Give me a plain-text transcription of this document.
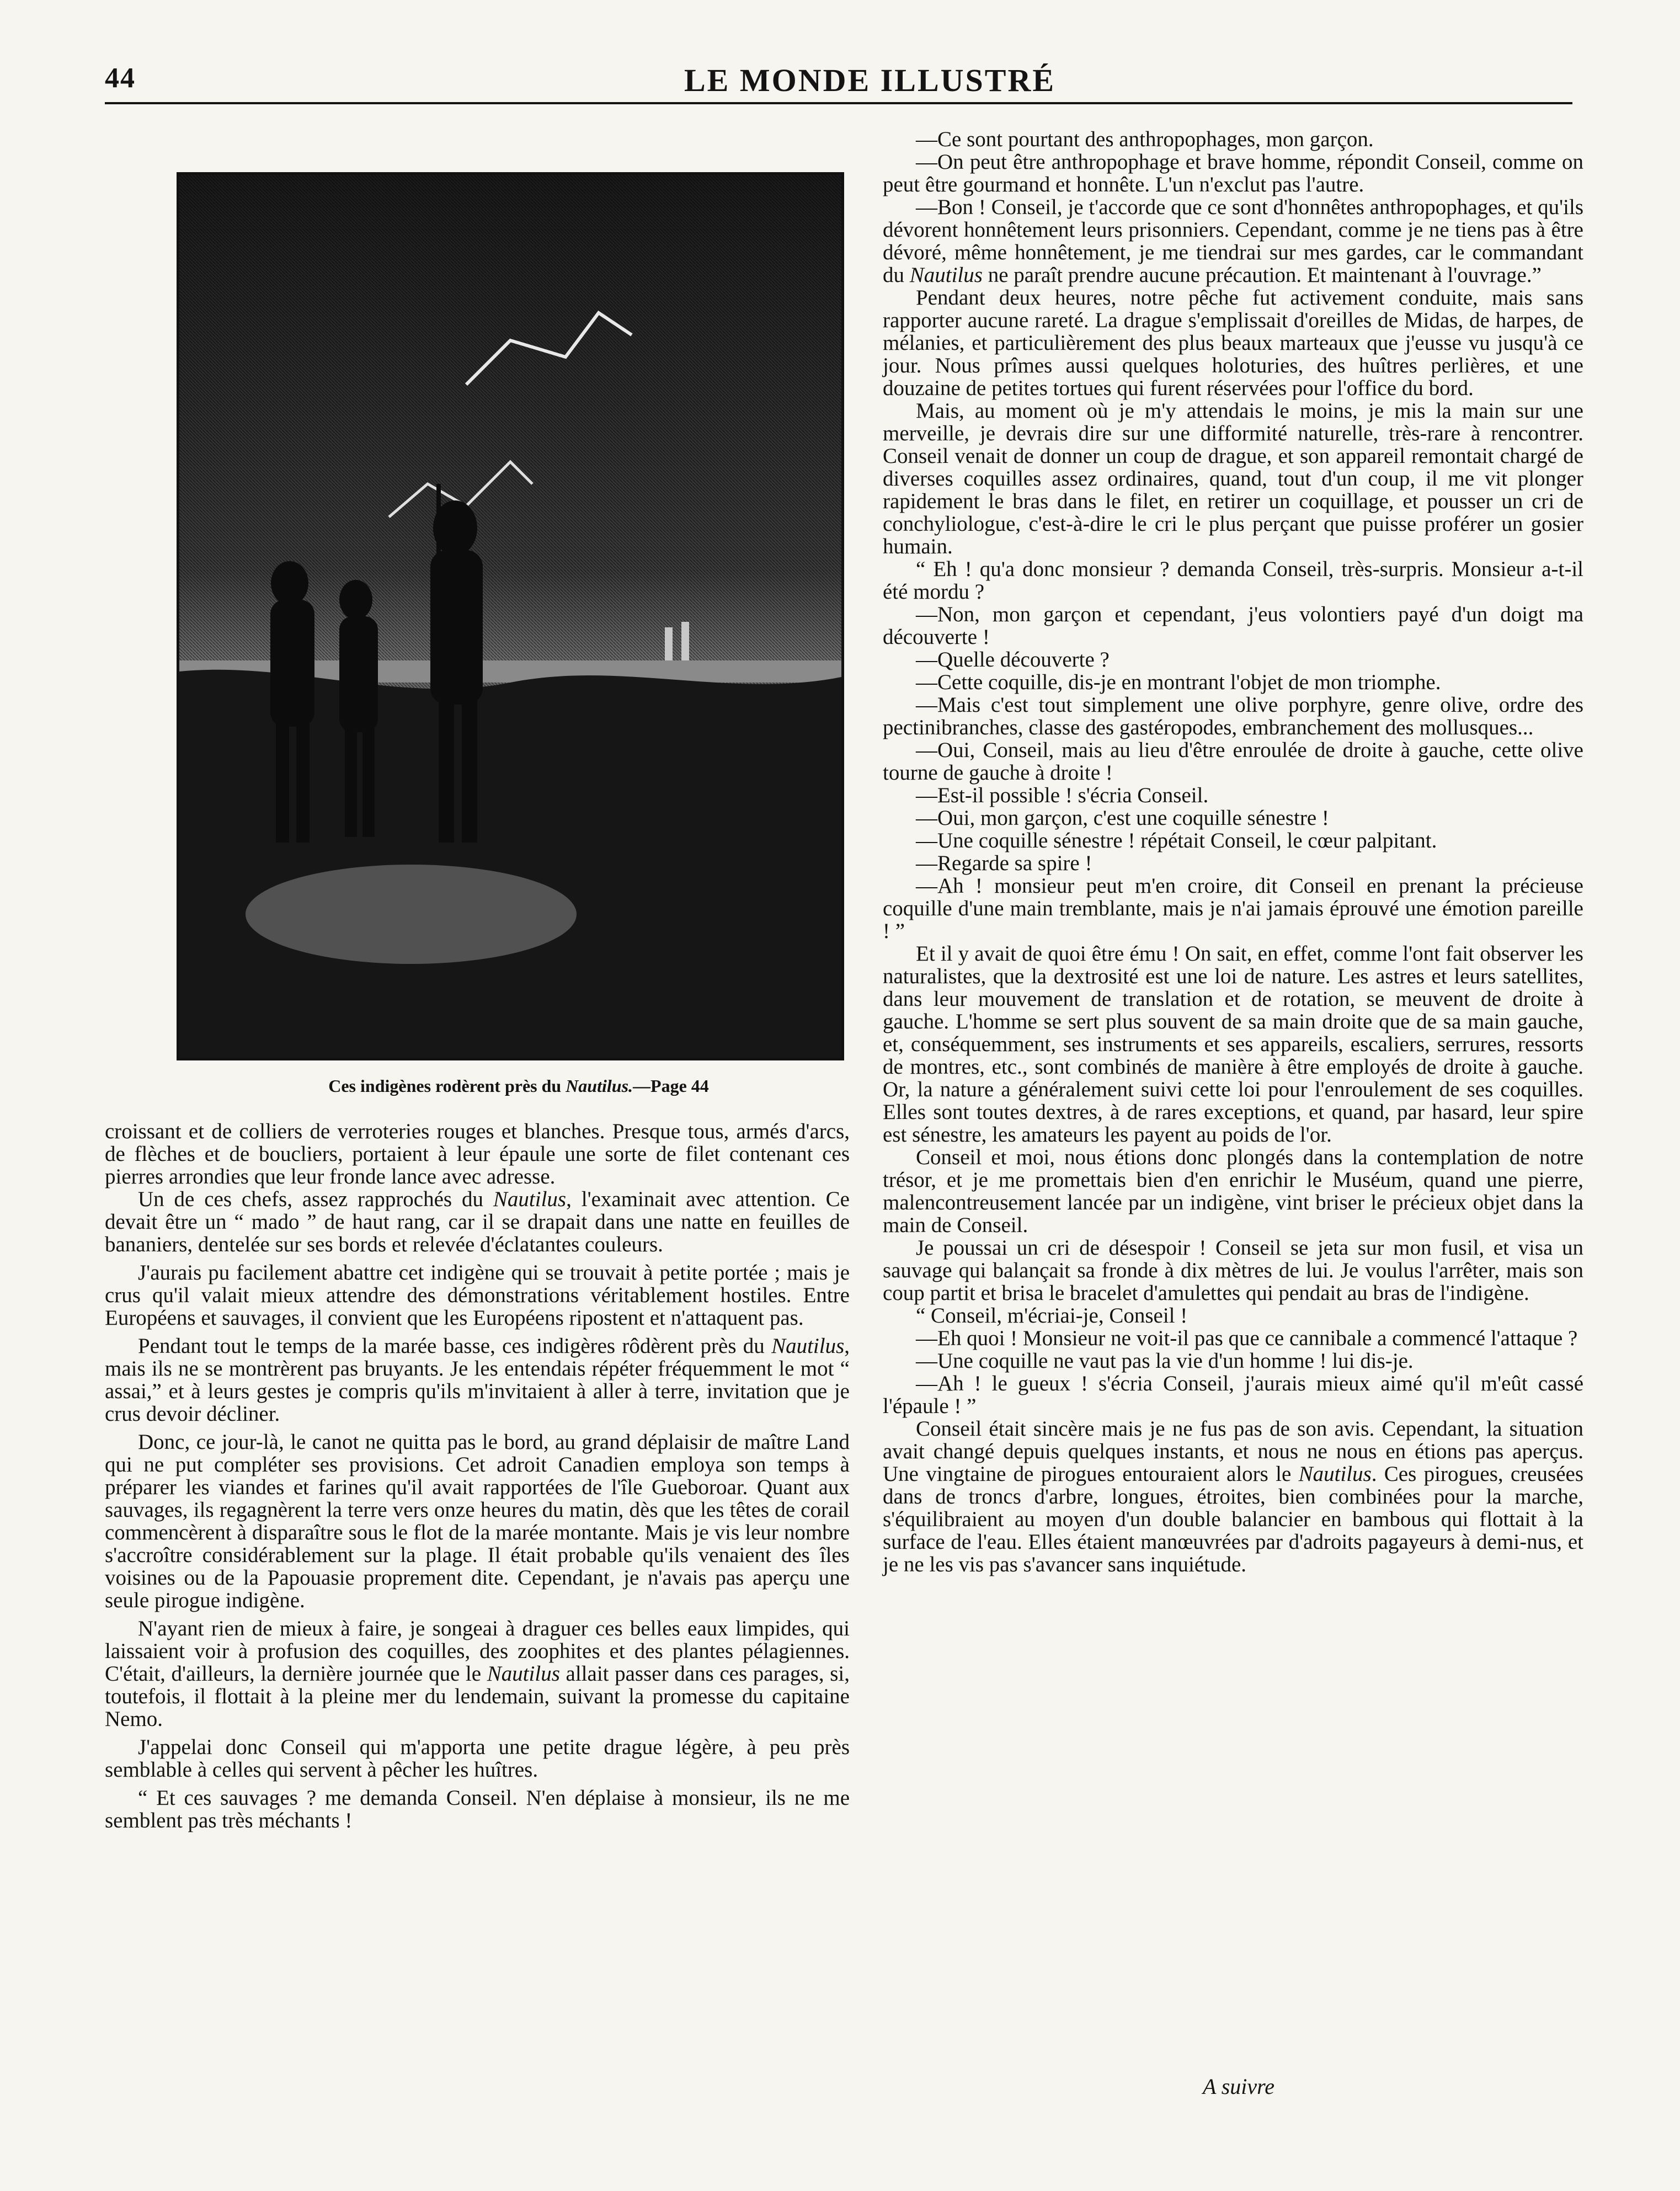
44	LE MONDE ILLUSTRÉ
Ces indigènes rodèrent près du Nautilus.—Page 44

croissant et de colliers de verroteries rouges et blanches. Presque tous, armés d'arcs, de flèches et de boucliers, portaient à leur épaule une sorte de filet contenant ces pierres arrondies que leur fronde lance avec adresse.

Un de ces chefs, assez rapprochés du Nautilus, l'examinait avec attention. Ce devait être un “ mado ” de haut rang, car il se drapait dans une natte en feuilles de bananiers, dentelée sur ses bords et relevée d'éclatantes couleurs.

J'aurais pu facilement abattre cet indigène qui se trouvait à petite portée ; mais je crus qu'il valait mieux attendre des démonstrations véritablement hostiles. Entre Européens et sauvages, il convient que les Européens ripostent et n'attaquent pas.

Pendant tout le temps de la marée basse, ces indigères rôdèrent près du Nautilus, mais ils ne se montrèrent pas bruyants. Je les entendais répéter fréquemment le mot “ assai,” et à leurs gestes je compris qu'ils m'invitaient à aller à terre, invitation que je crus devoir décliner.

Donc, ce jour-là, le canot ne quitta pas le bord, au grand déplaisir de maître Land qui ne put compléter ses provisions. Cet adroit Canadien employa son temps à préparer les viandes et farines qu'il avait rapportées de l'île Gueboroar. Quant aux sauvages, ils regagnèrent la terre vers onze heures du matin, dès que les têtes de corail commencèrent à disparaître sous le flot de la marée montante. Mais je vis leur nombre s'accroître considérablement sur la plage. Il était probable qu'ils venaient des îles voisines ou de la Papouasie proprement dite. Cependant, je n'avais pas aperçu une seule pirogue indigène.

N'ayant rien de mieux à faire, je songeai à draguer ces belles eaux limpides, qui laissaient voir à profusion des coquilles, des zoophites et des plantes pélagiennes. C'était, d'ailleurs, la dernière journée que le Nautilus allait passer dans ces parages, si, toutefois, il flottait à la pleine mer du lendemain, suivant la promesse du capitaine Nemo.

J'appelai donc Conseil qui m'apporta une petite drague légère, à peu près semblable à celles qui servent à pêcher les huîtres.

“ Et ces sauvages ? me demanda Conseil. N'en déplaise à monsieur, ils ne me semblent pas très méchants !

—Ce sont pourtant des anthropophages, mon garçon.

—On peut être anthropophage et brave homme, répondit Conseil, comme on peut être gourmand et honnête. L'un n'exclut pas l'autre.

—Bon ! Conseil, je t'accorde que ce sont d'honnêtes anthropophages, et qu'ils dévorent honnêtement leurs prisonniers. Cependant, comme je ne tiens pas à être dévoré, même honnêtement, je me tiendrai sur mes gardes, car le commandant du Nautilus ne paraît prendre aucune précaution. Et maintenant à l'ouvrage.”

Pendant deux heures, notre pêche fut activement conduite, mais sans rapporter aucune rareté. La drague s'emplissait d'oreilles de Midas, de harpes, de mélanies, et particulièrement des plus beaux marteaux que j'eusse vu jusqu'à ce jour. Nous prîmes aussi quelques holoturies, des huîtres perlières, et une douzaine de petites tortues qui furent réservées pour l'office du bord.

Mais, au moment où je m'y attendais le moins, je mis la main sur une merveille, je devrais dire sur une difformité naturelle, très-rare à rencontrer. Conseil venait de donner un coup de drague, et son appareil remontait chargé de diverses coquilles assez ordinaires, quand, tout d'un coup, il me vit plonger rapidement le bras dans le filet, en retirer un coquillage, et pousser un cri de conchyliologue, c'est-à-dire le cri le plus perçant que puisse proférer un gosier humain.

“ Eh ! qu'a donc monsieur ? demanda Conseil, très-surpris. Monsieur a-t-il été mordu ?

—Non, mon garçon et cependant, j'eus volontiers payé d'un doigt ma découverte !

—Quelle découverte ?

—Cette coquille, dis-je en montrant l'objet de mon triomphe.

—Mais c'est tout simplement une olive porphyre, genre olive, ordre des pectinibranches, classe des gastéropodes, embranchement des mollusques...

—Oui, Conseil, mais au lieu d'être enroulée de droite à gauche, cette olive tourne de gauche à droite !

—Est-il possible ! s'écria Conseil.

—Oui, mon garçon, c'est une coquille sénestre !

—Une coquille sénestre ! répétait Conseil, le cœur palpitant.

—Regarde sa spire !

—Ah ! monsieur peut m'en croire, dit Conseil en prenant la précieuse coquille d'une main tremblante, mais je n'ai jamais éprouvé une émotion pareille ! ”

Et il y avait de quoi être ému ! On sait, en effet, comme l'ont fait observer les naturalistes, que la dextrosité est une loi de nature. Les astres et leurs satellites, dans leur mouvement de translation et de rotation, se meuvent de droite à gauche. L'homme se sert plus souvent de sa main droite que de sa main gauche, et, conséquemment, ses instruments et ses appareils, escaliers, serrures, ressorts de montres, etc., sont combinés de manière à être employés de droite à gauche. Or, la nature a généralement suivi cette loi pour l'enroulement de ses coquilles. Elles sont toutes dextres, à de rares exceptions, et quand, par hasard, leur spire est sénestre, les amateurs les payent au poids de l'or.

Conseil et moi, nous étions donc plongés dans la contemplation de notre trésor, et je me promettais bien d'en enrichir le Muséum, quand une pierre, malencontreusement lancée par un indigène, vint briser le précieux objet dans la main de Conseil.

Je poussai un cri de désespoir ! Conseil se jeta sur mon fusil, et visa un sauvage qui balançait sa fronde à dix mètres de lui. Je voulus l'arrêter, mais son coup partit et brisa le bracelet d'amulettes qui pendait au bras de l'indigène.

“ Conseil, m'écriai-je, Conseil !

—Eh quoi ! Monsieur ne voit-il pas que ce cannibale a commencé l'attaque ?

—Une coquille ne vaut pas la vie d'un homme ! lui dis-je.

—Ah ! le gueux ! s'écria Conseil, j'aurais mieux aimé qu'il m'eût cassé l'épaule ! ”

Conseil était sincère mais je ne fus pas de son avis. Cependant, la situation avait changé depuis quelques instants, et nous ne nous en étions pas aperçus. Une vingtaine de pirogues entouraient alors le Nautilus. Ces pirogues, creusées dans de troncs d'arbre, longues, étroites, bien combinées pour la marche, s'équilibraient au moyen d'un double balancier en bambous qui flottait à la surface de l'eau. Elles étaient manœuvrées par d'adroits pagayeurs à demi-nus, et je ne les vis pas s'avancer sans inquiétude.

A suivre
